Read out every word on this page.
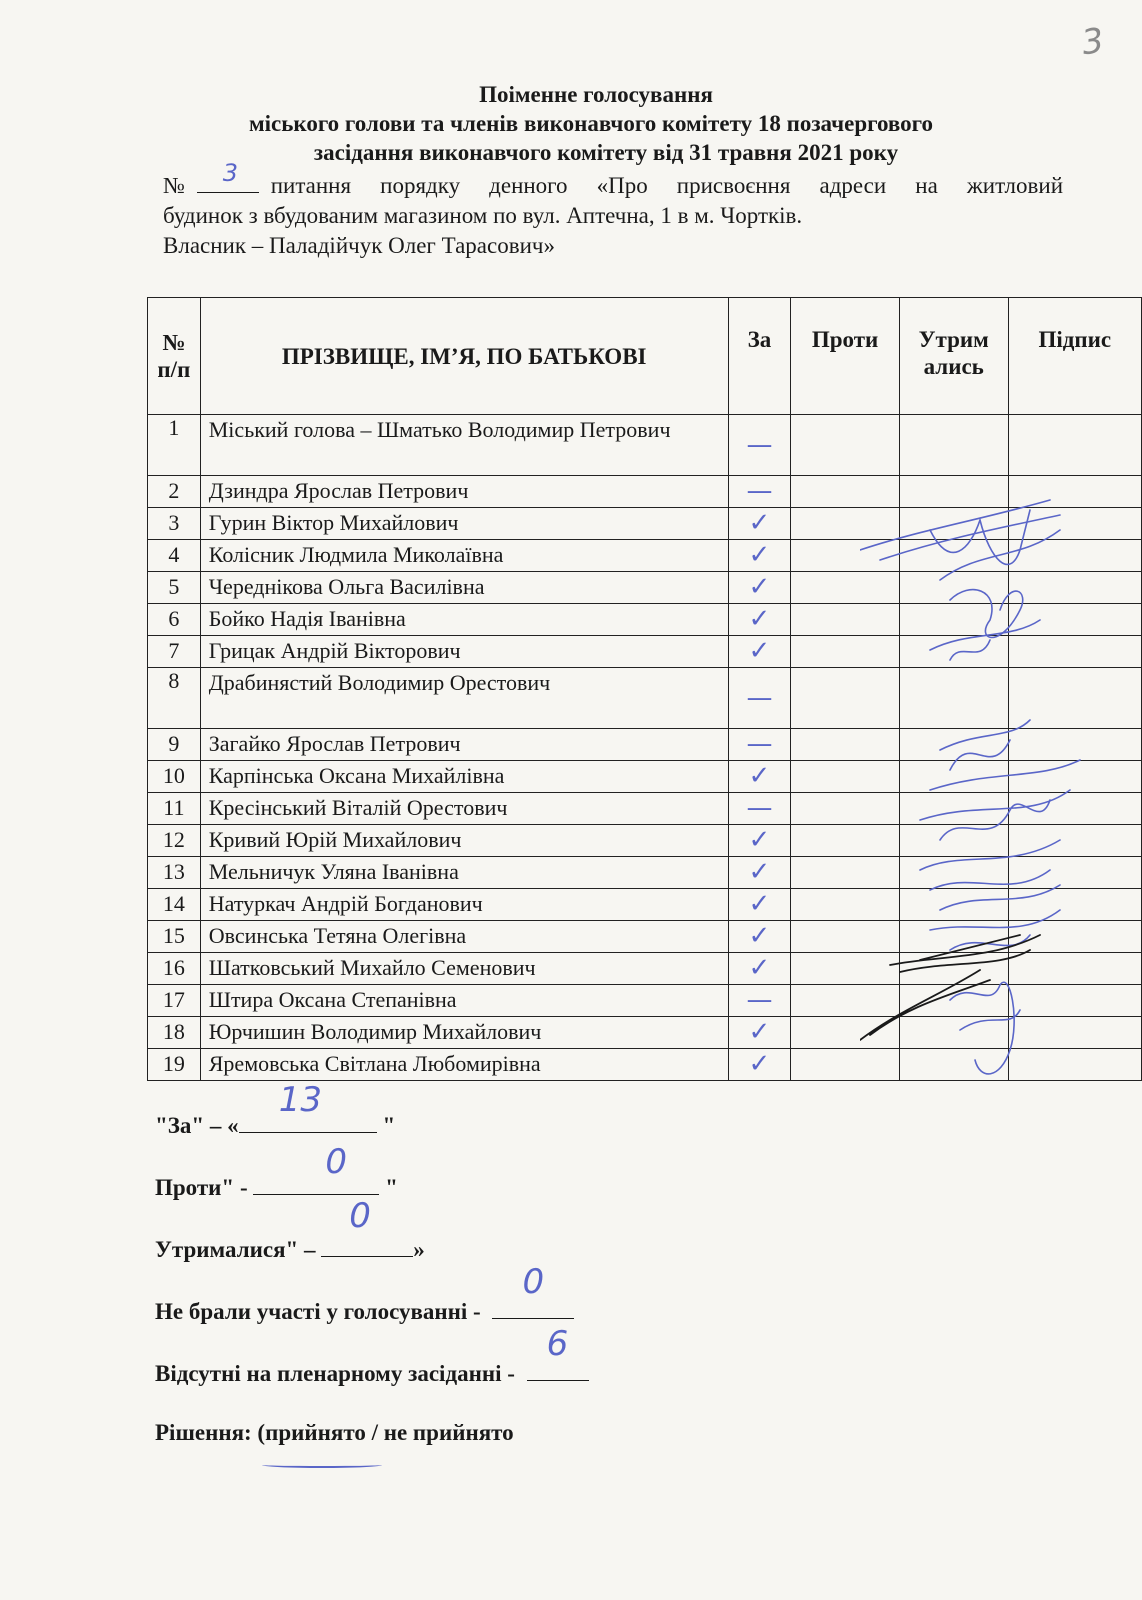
3
Поіменне голосування
міського голови та членів виконавчого комітету 18 позачергового
засідання виконавчого комітету від 31 травня 2021 року
№ 3 питання порядку денного «Про присвоєння адреси на житловий
будинок з вбудованим магазином по вул. Аптечна, 1 в м. Чортків.
Власник – Паладійчук Олег Тарасович»
№ п/п	ПРІЗВИЩЕ, ІМ’Я, ПО БАТЬКОВІ	За	Проти	Утрим ались	Підпис
1	Міський голова – Шматько Володимир Петрович	—			
2	Дзиндра Ярослав Петрович	—			
3	Гурин Віктор Михайлович	✓			
4	Колісник Людмила Миколаївна	✓			
5	Череднікова Ольга Василівна	✓			
6	Бойко Надія Іванівна	✓			
7	Грицак Андрій Вікторович	✓			
8	Драбинястий Володимир Орестович	—			
9	Загайко Ярослав Петрович	—			
10	Карпінська Оксана Михайлівна	✓			
11	Кресінський Віталій Орестович	—			
12	Кривий Юрій Михайлович	✓			
13	Мельничук Уляна Іванівна	✓			
14	Натуркач Андрій Богданович	✓			
15	Овсинська Тетяна Олегівна	✓			
16	Шатковський Михайло Семенович	✓			
17	Штира Оксана Степанівна	—			
18	Юрчишин Володимир Михайлович	✓			
19	Яремовська Світлана Любомирівна	✓			
"За" – «
13
"
Проти" -
0
"
Утрималися" –
0
»
Не брали участі у голосуванні -
0
Відсутні на пленарному засіданні -
6
Рішення: (прийнято / не прийнято
